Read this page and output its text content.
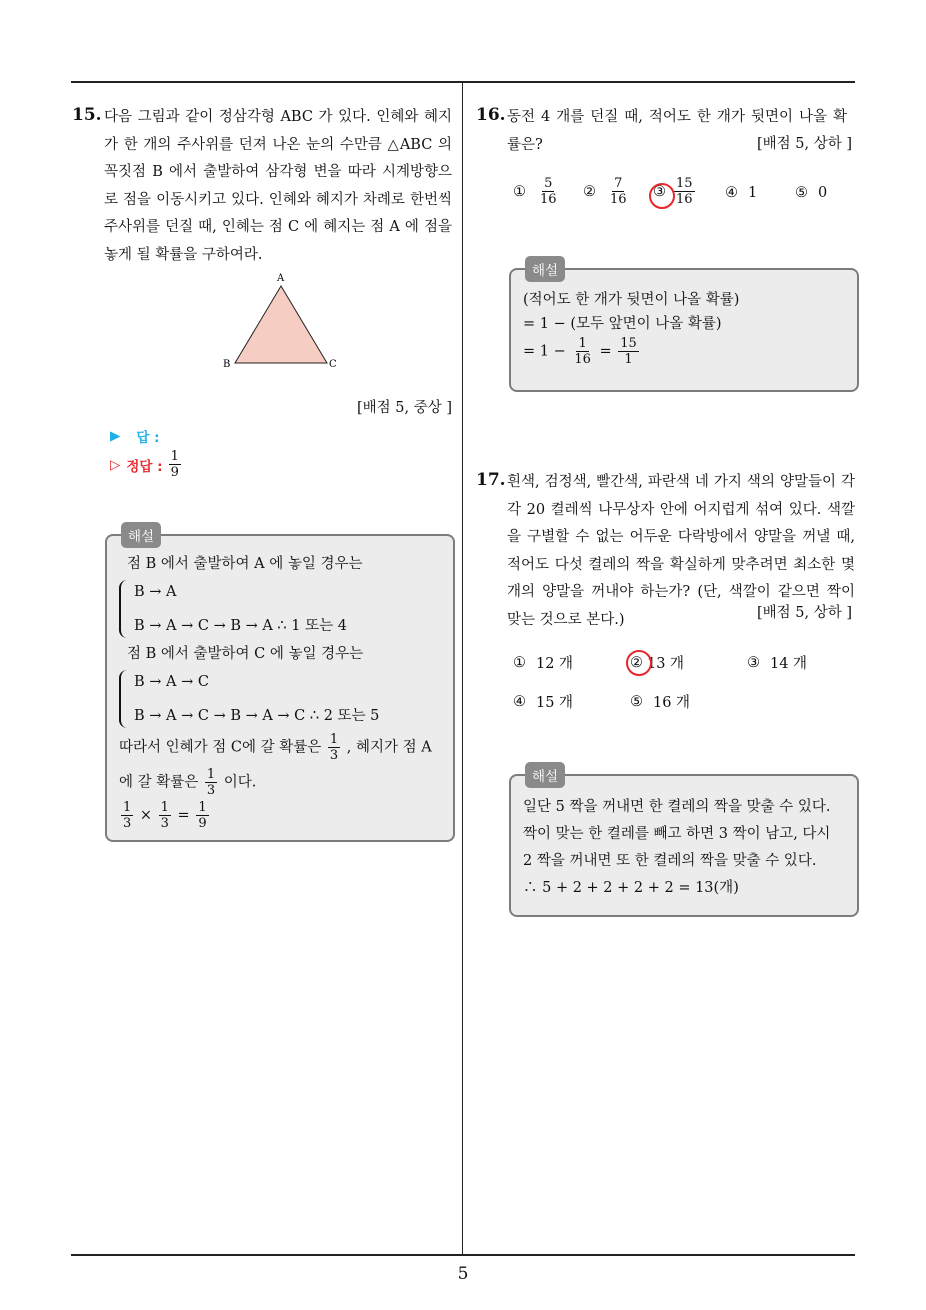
15. 다음 그림과 같이 정삼각형 ABC 가 있다. 인혜와 혜지가 한 개의 주사위를 던져 나온 눈의 수만큼 △ABC 의 꼭짓점 B 에서 출발하여 삼각형 변을 따라 시계방향으로 점을 이동시키고 있다. 인혜와 혜지가 차례로 한번씩 주사위를 던질 때, 인혜는 점 C 에 혜지는 점 A 에 점을 놓게 될 확률을 구하여라.
A
B	C
[배점 5, 중상 ]
▶ 답 :
▷ 정답 : $\frac{1}{9}$
해설
점 B 에서 출발하여 A 에 놓일 경우는
B → A
B → A → C → B → A ∴ 1 또는 4
점 B 에서 출발하여 C 에 놓일 경우는
B → A → C
B → A → C → B → A → C ∴ 2 또는 5
따라서 인혜가 점 C에 갈 확률은 $\frac{1}{3}$ , 혜지가 점 A
에 갈 확률은 $\frac{1}{3}$ 이다.
$\frac{1}{3} \times \frac{1}{3} = \frac{1}{9}$
16. 동전 4 개를 던질 때, 적어도 한 개가 뒷면이 나올 확률은?	[배점 5, 상하 ]
① $\frac{5}{16}$ ② $\frac{7}{16}$ ③ $\frac{15}{16}$ ④ 1	⑤ 0
해설
(적어도 한 개가 뒷면이 나올 확률)
= 1 − (모두 앞면이 나올 확률)
= $1 - \frac{1}{16} = \frac{15}{1}$
17. 흰색, 검정색, 빨간색, 파란색 네 가지 색의 양말들이 각각 20 켤레씩 나무상자 안에 어지럽게 섞여 있다. 색깔을 구별할 수 없는 어두운 다락방에서 양말을 꺼낼 때, 적어도 다섯 켤레의 짝을 확실하게 맞추려면 최소한 몇 개의 양말을 꺼내야 하는가? (단, 색깔이 같으면 짝이 맞는 것으로 본다.)	[배점 5, 상하 ]
① 12 개	② 13 개	③ 14 개
④ 15 개	⑤ 16 개
해설
일단 5 짝을 꺼내면 한 켤레의 짝을 맞출 수 있다.
짝이 맞는 한 켤레를 빼고 하면 3 짝이 남고, 다시
2 짝을 꺼내면 또 한 켤레의 짝을 맞출 수 있다.
∴ 5 + 2 + 2 + 2 + 2 = 13(개)
5
